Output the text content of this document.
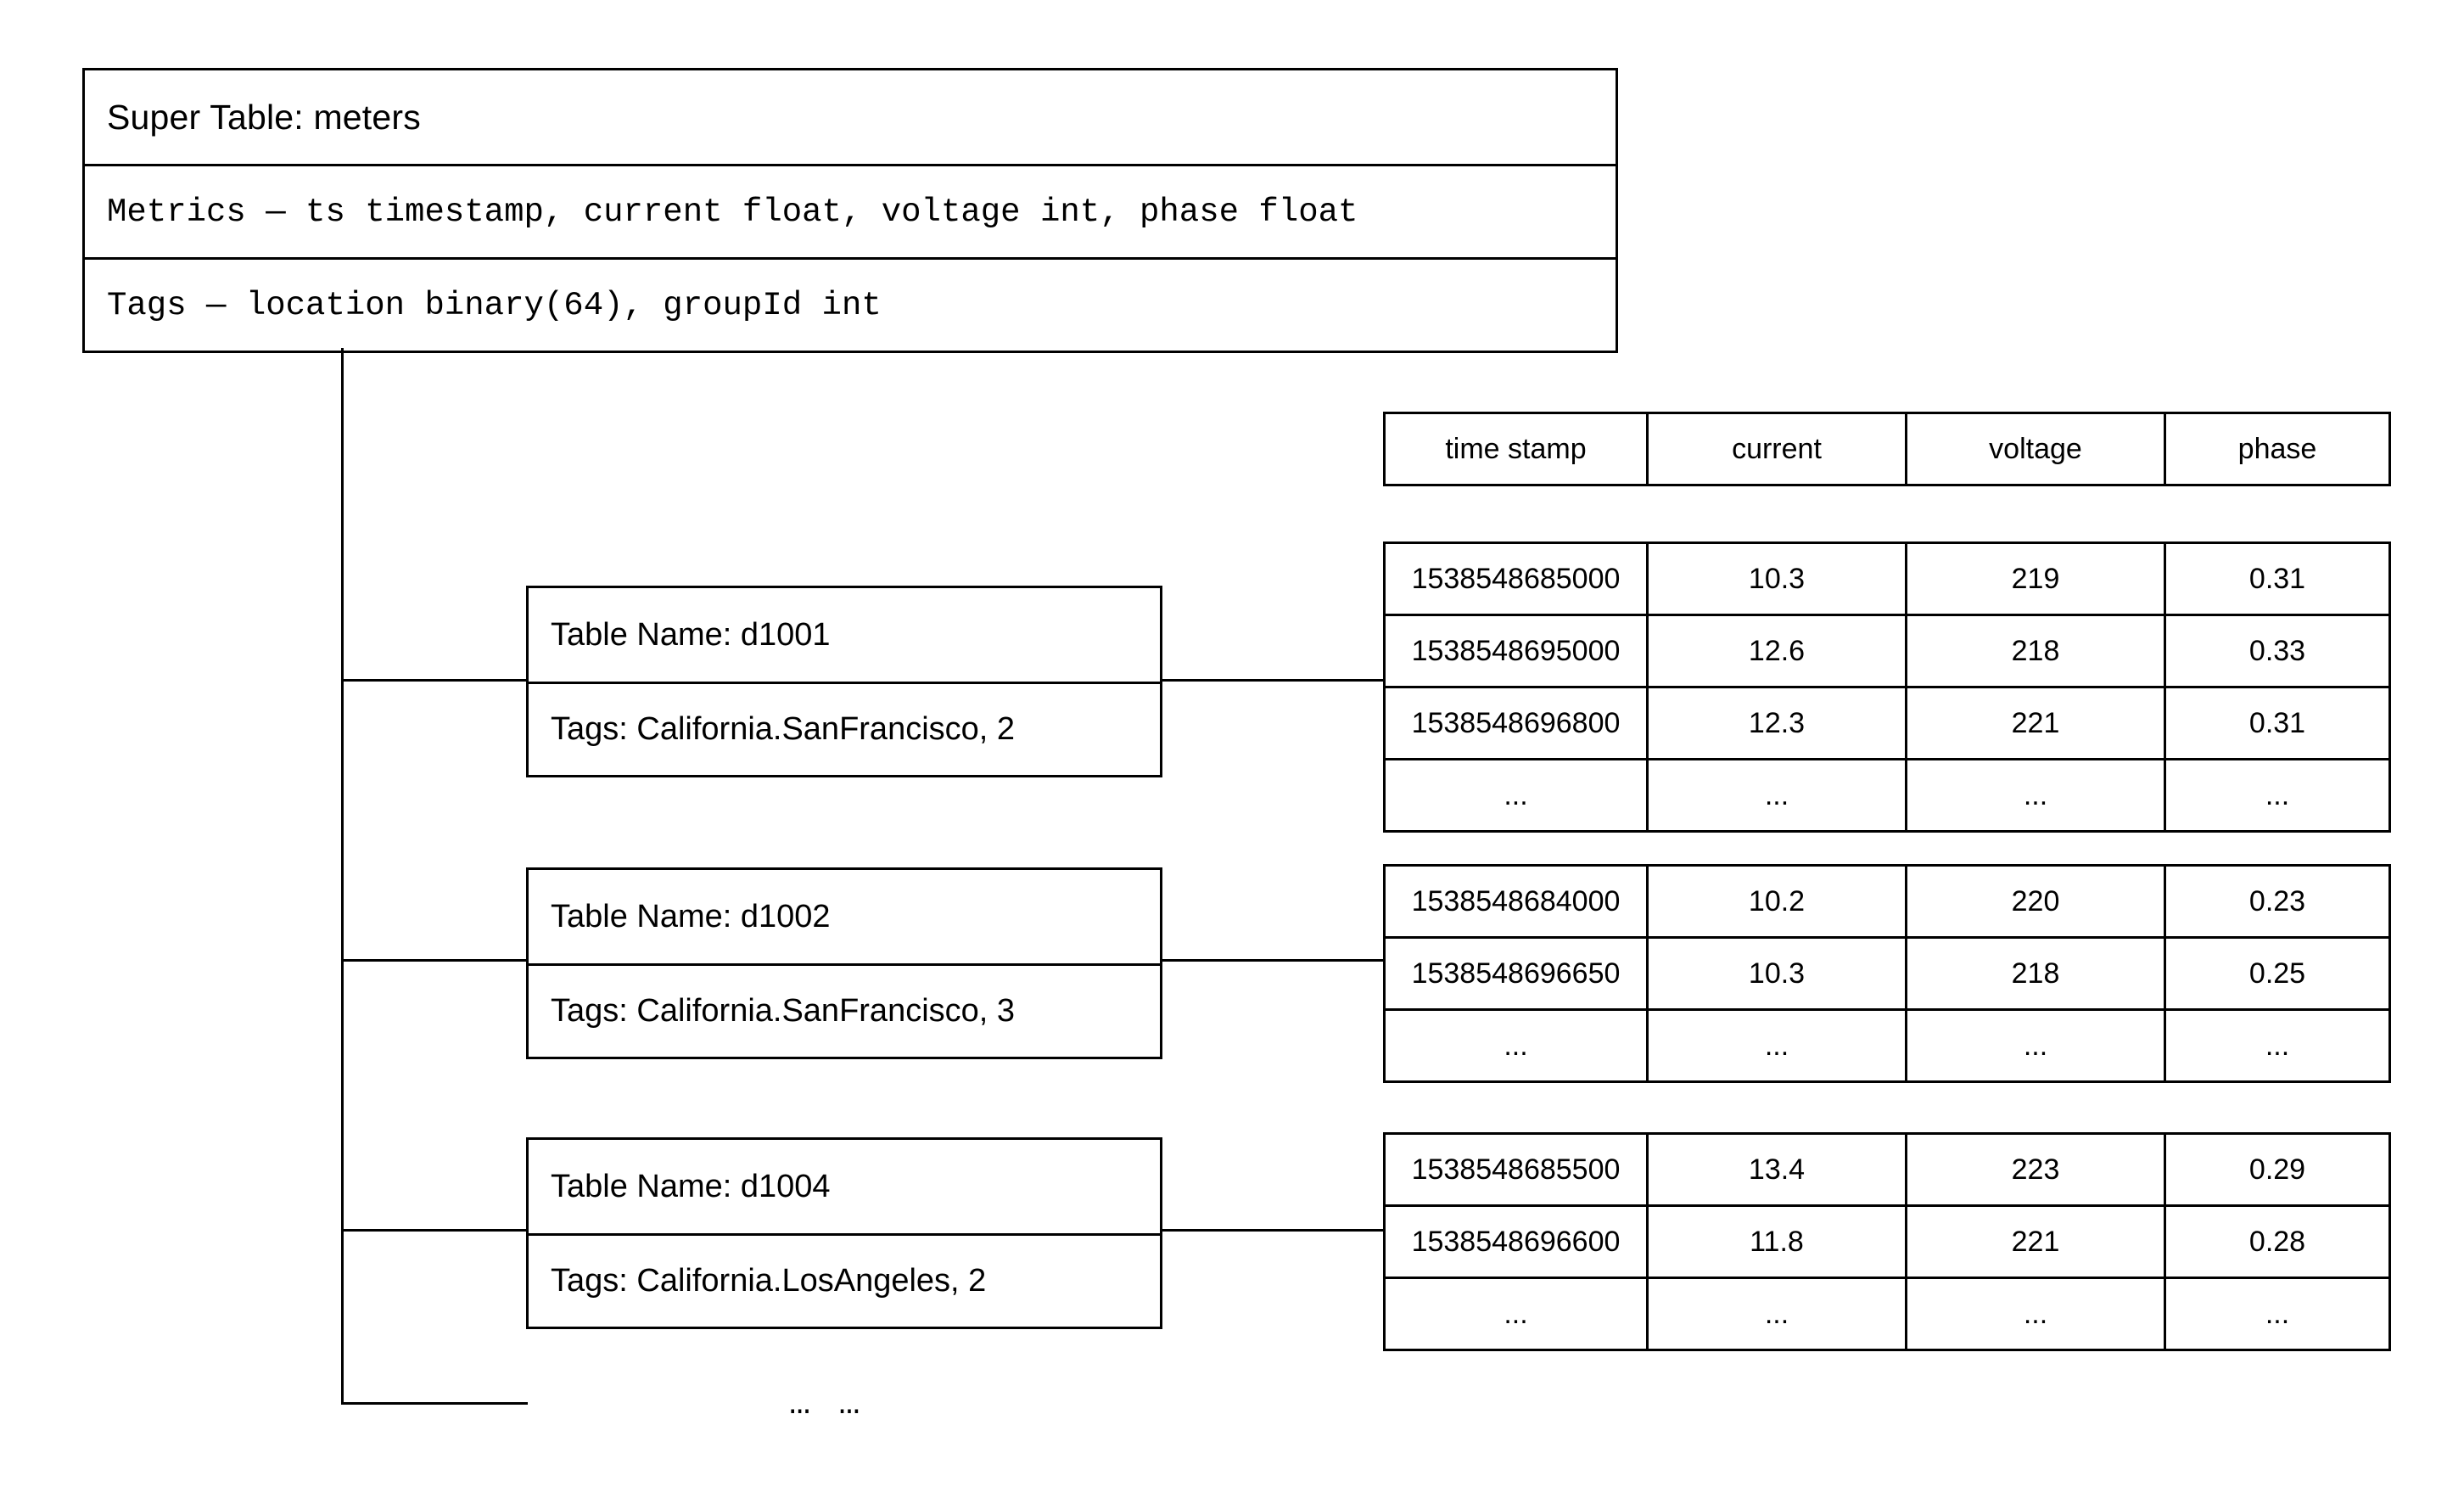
Super Table: meters
Metrics — ts timestamp, current float, voltage int, phase float
Tags — location binary(64), groupId int
Table Name: d1001
Tags: California.SanFrancisco, 2
Table Name: d1002
Tags: California.SanFrancisco, 3
Table Name: d1004
Tags: California.LosAngeles, 2
time stamp	current	voltage	phase
1538548685000	10.3	219	0.31
1538548695000	12.6	218	0.33
1538548696800	12.3	221	0.31
...	...	...	...
1538548684000	10.2	220	0.23
1538548696650	10.3	218	0.25
...	...	...	...
1538548685500	13.4	223	0.29
1538548696600	11.8	221	0.28
...	...	...	...
… …
